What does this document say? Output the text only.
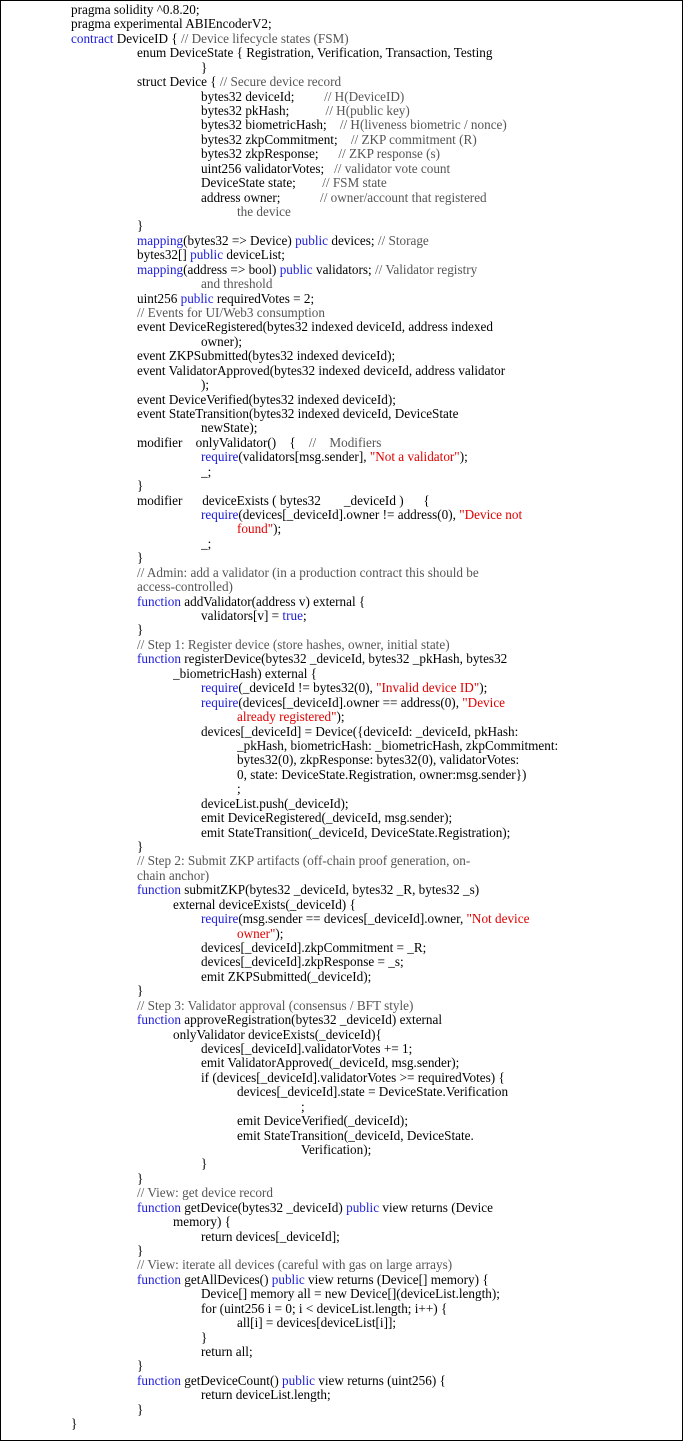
pragma solidity ^0.8.20;
pragma experimental ABIEncoderV2;
contract DeviceID { // Device lifecycle states (FSM)
enum DeviceState { Registration, Verification, Transaction, Testing
}
struct Device { // Secure device record
bytes32 deviceId;         // H(DeviceID)
bytes32 pkHash;           // H(public key)
bytes32 biometricHash;    // H(liveness biometric / nonce)
bytes32 zkpCommitment;    // ZKP commitment (R)
bytes32 zkpResponse;      // ZKP response (s)
uint256 validatorVotes;   // validator vote count
DeviceState state;        // FSM state
address owner;            // owner/account that registered
the device
}
mapping(bytes32 => Device) public devices; // Storage
bytes32[] public deviceList;
mapping(address => bool) public validators; // Validator registry
and threshold
uint256 public requiredVotes = 2;
// Events for UI/Web3 consumption
event DeviceRegistered(bytes32 indexed deviceId, address indexed
owner);
event ZKPSubmitted(bytes32 indexed deviceId);
event ValidatorApproved(bytes32 indexed deviceId, address validator
);
event DeviceVerified(bytes32 indexed deviceId);
event StateTransition(bytes32 indexed deviceId, DeviceState
newState);
modifier    onlyValidator()    {    //    Modifiers
require(validators[msg.sender], "Not a validator");
_;
}
modifier      deviceExists ( bytes32       _deviceId )      {
require(devices[_deviceId].owner != address(0), "Device not
found");
_;
}
// Admin: add a validator (in a production contract this should be
access-controlled)
function addValidator(address v) external {
validators[v] = true;
}
// Step 1: Register device (store hashes, owner, initial state)
function registerDevice(bytes32 _deviceId, bytes32 _pkHash, bytes32
_biometricHash) external {
require(_deviceId != bytes32(0), "Invalid device ID");
require(devices[_deviceId].owner == address(0), "Device
already registered");
devices[_deviceId] = Device({deviceId: _deviceId, pkHash:
_pkHash, biometricHash: _biometricHash, zkpCommitment:
bytes32(0), zkpResponse: bytes32(0), validatorVotes:
0, state: DeviceState.Registration, owner:msg.sender})
;
deviceList.push(_deviceId);
emit DeviceRegistered(_deviceId, msg.sender);
emit StateTransition(_deviceId, DeviceState.Registration);
}
// Step 2: Submit ZKP artifacts (off-chain proof generation, on-
chain anchor)
function submitZKP(bytes32 _deviceId, bytes32 _R, bytes32 _s)
external deviceExists(_deviceId) {
require(msg.sender == devices[_deviceId].owner, "Not device
owner");
devices[_deviceId].zkpCommitment = _R;
devices[_deviceId].zkpResponse = _s;
emit ZKPSubmitted(_deviceId);
}
// Step 3: Validator approval (consensus / BFT style)
function approveRegistration(bytes32 _deviceId) external
onlyValidator deviceExists(_deviceId){
devices[_deviceId].validatorVotes += 1;
emit ValidatorApproved(_deviceId, msg.sender);
if (devices[_deviceId].validatorVotes >= requiredVotes) {
devices[_deviceId].state = DeviceState.Verification
;
emit DeviceVerified(_deviceId);
emit StateTransition(_deviceId, DeviceState.
Verification);
}
}
// View: get device record
function getDevice(bytes32 _deviceId) public view returns (Device
memory) {
return devices[_deviceId];
}
// View: iterate all devices (careful with gas on large arrays)
function getAllDevices() public view returns (Device[] memory) {
Device[] memory all = new Device[](deviceList.length);
for (uint256 i = 0; i < deviceList.length; i++) {
all[i] = devices[deviceList[i]];
}
return all;
}
function getDeviceCount() public view returns (uint256) {
return deviceList.length;
}
}
